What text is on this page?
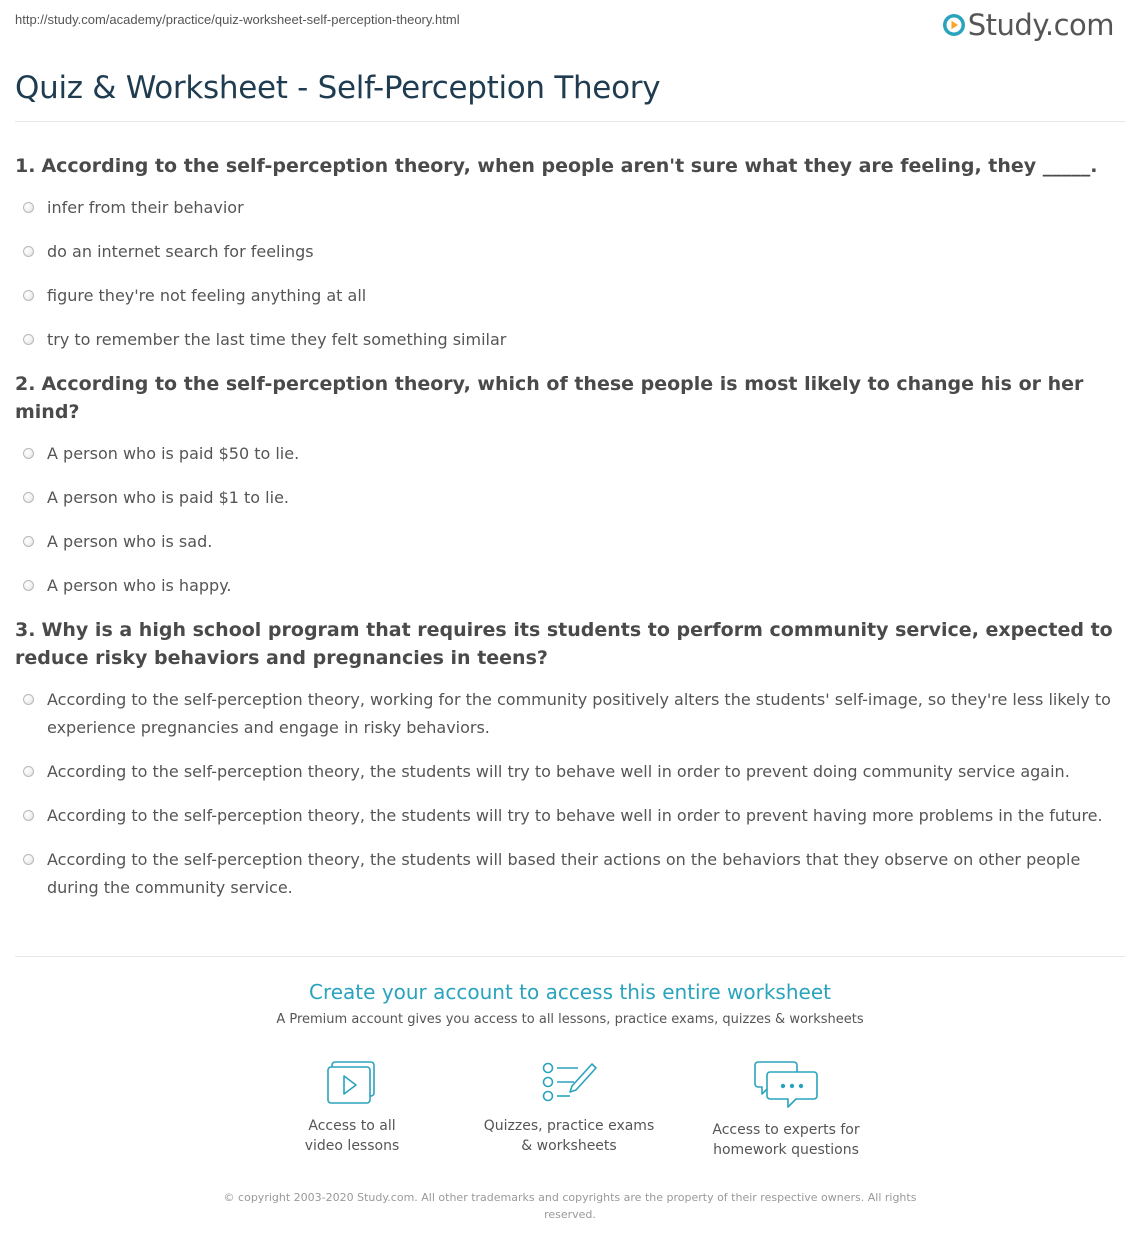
http://study.com/academy/practice/quiz-worksheet-self-perception-theory.html	Study.com
Quiz & Worksheet - Self-Perception Theory

1. According to the self-perception theory, when people aren't sure what they are feeling, they _____.

infer from their behavior
do an internet search for feelings
figure they're not feeling anything at all
try to remember the last time they felt something similar

2. According to the self-perception theory, which of these people is most likely to change his or her mind?

A person who is paid $50 to lie.
A person who is paid $1 to lie.
A person who is sad.
A person who is happy.

3. Why is a high school program that requires its students to perform community service, expected to reduce risky behaviors and pregnancies in teens?

According to the self-perception theory, working for the community positively alters the students' self-image, so they're less likely to experience pregnancies and engage in risky behaviors.
According to the self-perception theory, the students will try to behave well in order to prevent doing community service again.
According to the self-perception theory, the students will try to behave well in order to prevent having more problems in the future.
According to the self-perception theory, the students will based their actions on the behaviors that they observe on other people during the community service.
Create your account to access this entire worksheet
A Premium account gives you access to all lessons, practice exams, quizzes & worksheets
Access to all
video lessons
Quizzes, practice exams
& worksheets
Access to experts for
homework questions
© copyright 2003-2020 Study.com. All other trademarks and copyrights are the property of their respective owners. All rights
reserved.
